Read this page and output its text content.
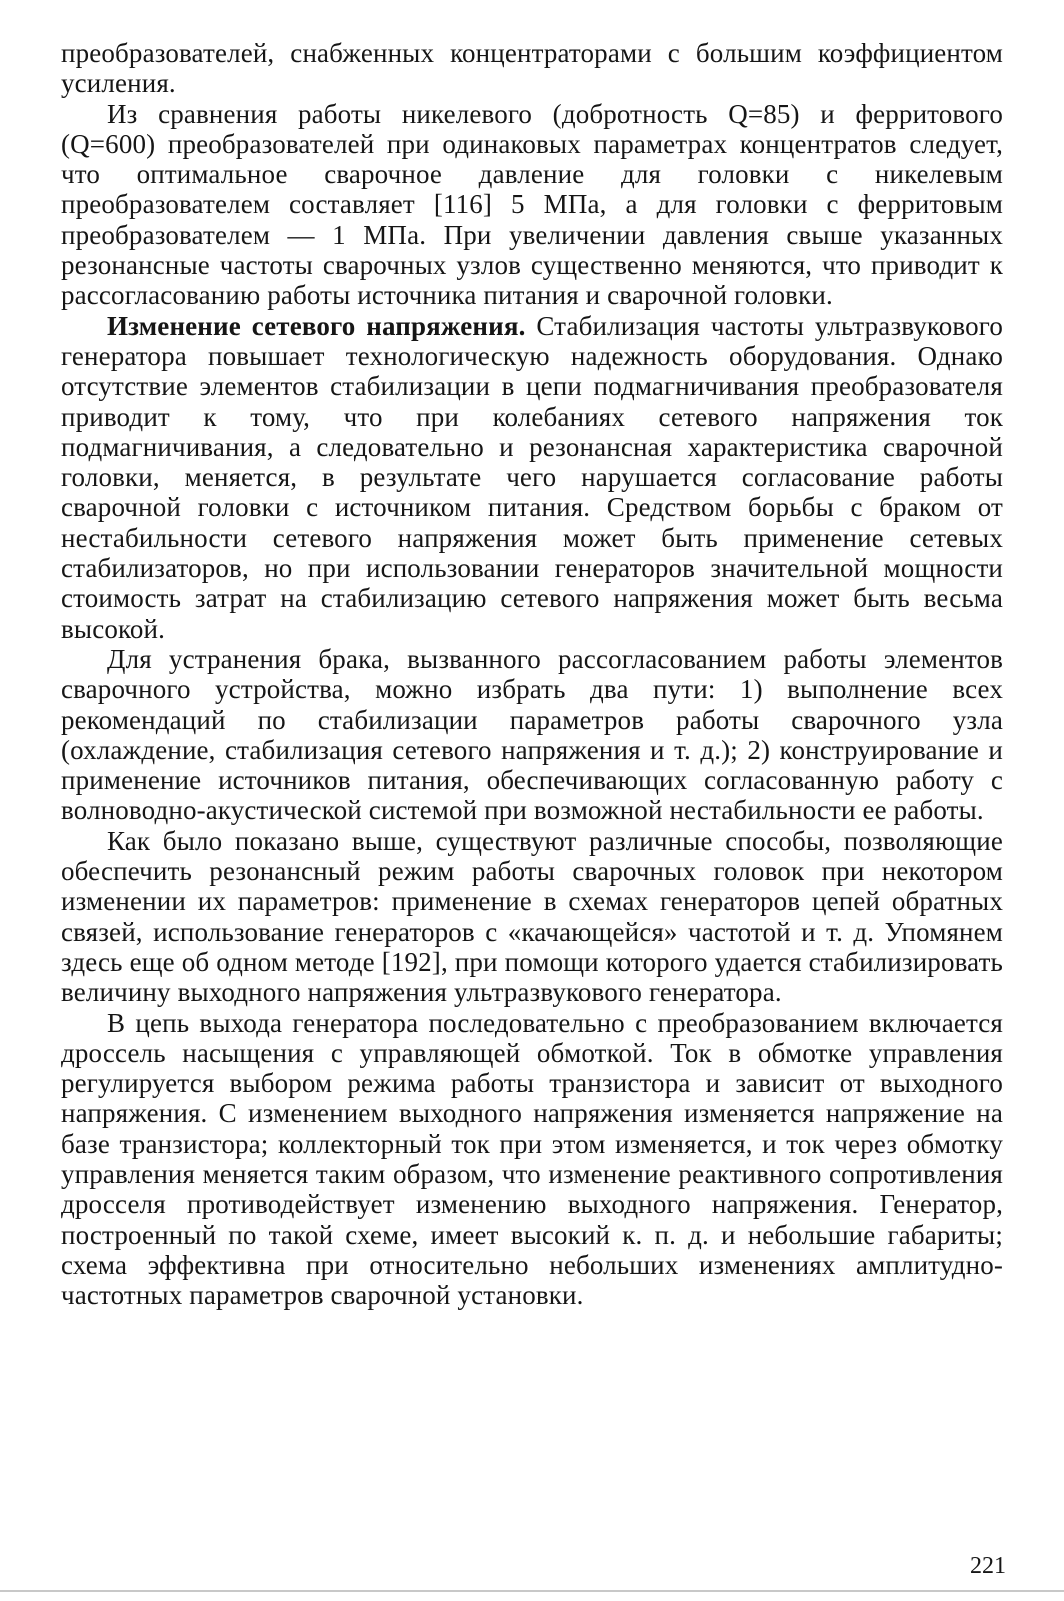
преобразователей, снабженных концентраторами с большим коэффициентом усиления.

Из сравнения работы никелевого (добротность Q=85) и ферритового (Q=600) преобразователей при одинаковых параметрах концентратов следует, что оптимальное сварочное давление для головки с никелевым преобразователем составляет [116] 5 МПа, а для головки с ферритовым преобразователем — 1 МПа. При увеличении давления свыше указанных резонансные частоты сварочных узлов существенно меняются, что приводит к рассогласованию работы источника питания и сварочной головки.

Изменение сетевого напряжения. Стабилизация частоты ультразвукового генератора повышает технологическую надежность оборудования. Однако отсутствие элементов стабилизации в цепи подмагничивания преобразователя приводит к тому, что при колебаниях сетевого напряжения ток подмагничивания, а следовательно и резонансная характеристика сварочной головки, меняется, в результате чего нарушается согласование работы сварочной головки с источником питания. Средством борьбы с браком от нестабильности сетевого напряжения может быть применение сетевых стабилизаторов, но при использовании генераторов значительной мощности стоимость затрат на стабилизацию сетевого напряжения может быть весьма высокой.

Для устранения брака, вызванного рассогласованием работы элементов сварочного устройства, можно избрать два пути: 1) выполнение всех рекомендаций по стабилизации параметров работы сварочного узла (охлаждение, стабилизация сетевого напряжения и т. д.); 2) конструирование и применение источников питания, обеспечивающих согласованную работу с волноводно-акустической системой при возможной нестабильности ее работы.

Как было показано выше, существуют различные способы, позволяющие обеспечить резонансный режим работы сварочных головок при некотором изменении их параметров: применение в схемах генераторов цепей обратных связей, использование генераторов с «качающейся» частотой и т. д. Упомянем здесь еще об одном методе [192], при помощи которого удается стабилизировать величину выходного напряжения ультразвукового генератора.

В цепь выхода генератора последовательно с преобразованием включается дроссель насыщения с управляющей обмоткой. Ток в обмотке управления регулируется выбором режима работы транзистора и зависит от выходного напряжения. С изменением выходного напряжения изменяется напряжение на базе транзистора; коллекторный ток при этом изменяется, и ток через обмотку управления меняется таким образом, что изменение реактивного сопротивления дросселя противодействует изменению выходного напряжения. Генератор, построенный по такой схеме, имеет высокий к. п. д. и небольшие габариты; схема эффективна при относительно небольших изменениях амплитудно-частотных параметров сварочной установки.

221
